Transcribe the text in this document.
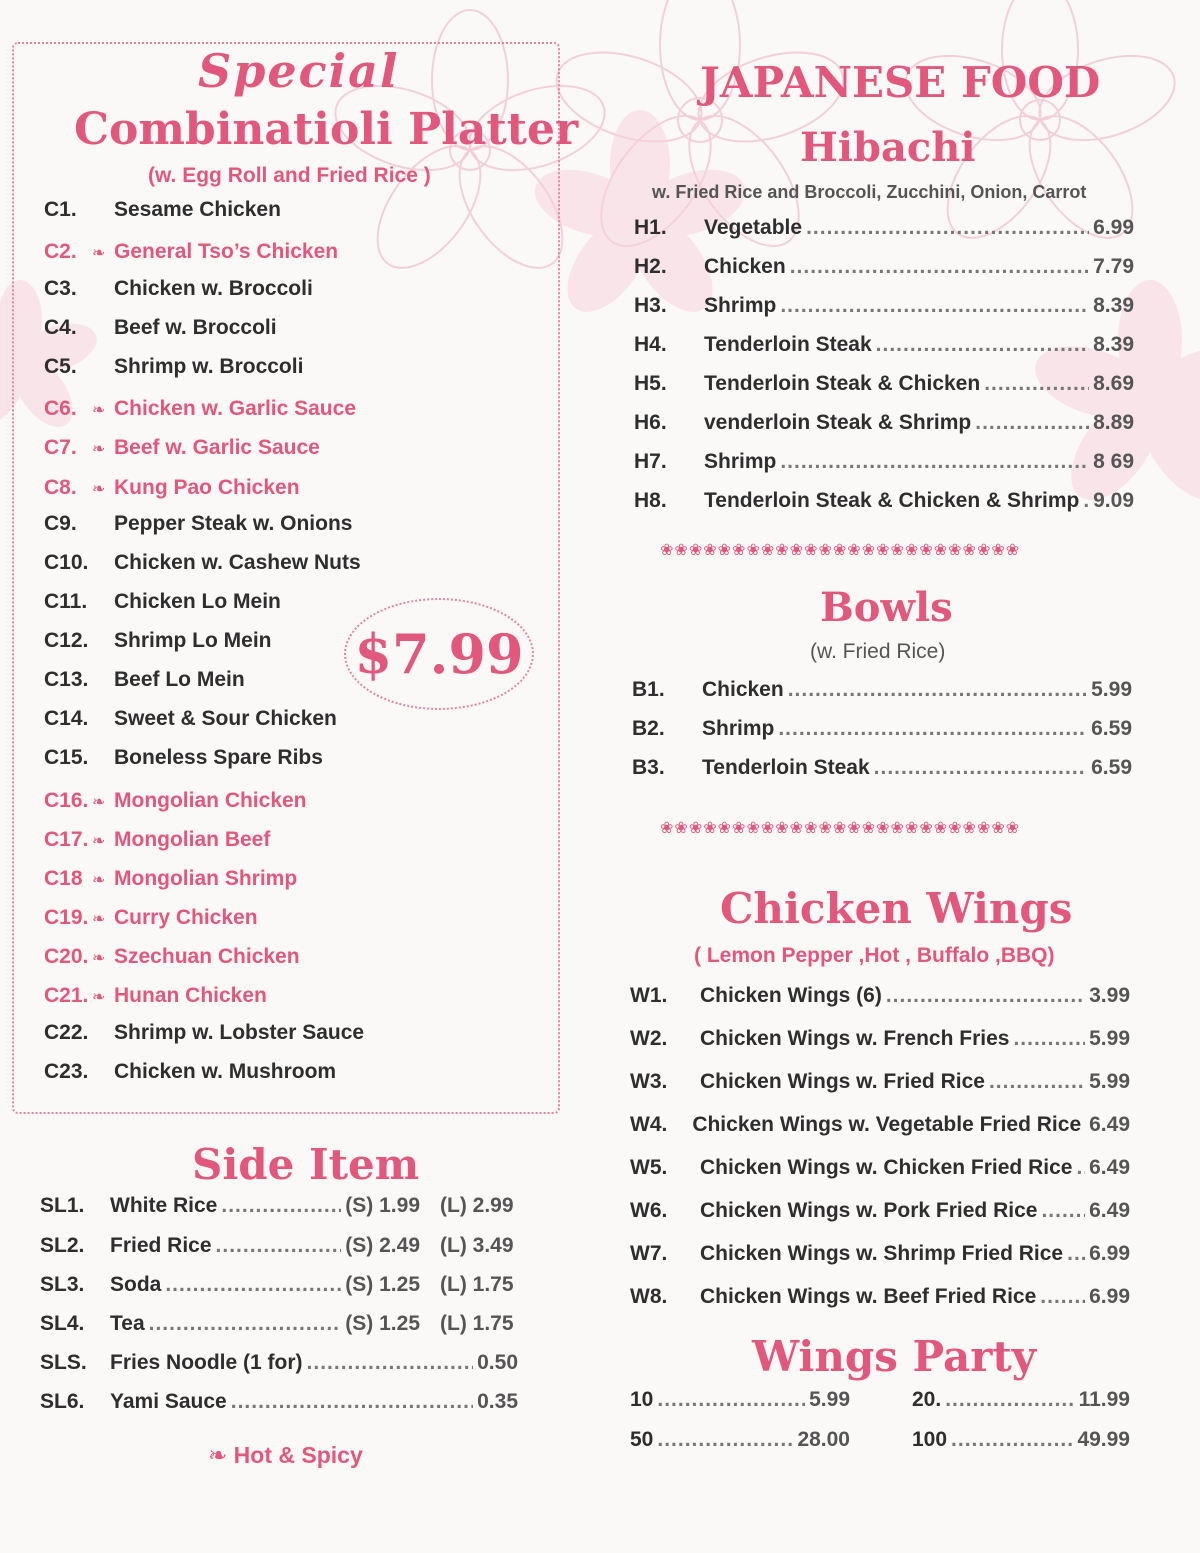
Special
Combinatioli Platter
(w. Egg Roll and Fried Rice )
C1.	Sesame Chicken
C2. ❧ General Tso’s Chicken
C3.	Chicken w. Broccoli
C4.	Beef w. Broccoli
C5.	Shrimp w. Broccoli
C6. ❧ Chicken w. Garlic Sauce
C7. ❧ Beef w. Garlic Sauce
C8. ❧ Kung Pao Chicken
C9.	Pepper Steak w. Onions
C10.	Chicken w. Cashew Nuts
C11.	Chicken Lo Mein
C12.	Shrimp Lo Mein
C13.	Beef Lo Mein
C14.	Sweet & Sour Chicken
C15.	Boneless Spare Ribs
C16. ❧ Mongolian Chicken
C17. ❧ Mongolian Beef
C18 ❧ Mongolian Shrimp
C19. ❧ Curry Chicken
C20. ❧ Szechuan Chicken
C21. ❧ Hunan Chicken
C22.	Shrimp w. Lobster Sauce
C23.	Chicken w. Mushroom
$7.99
Side Item
SL1.	White Rice .....	(S) 1.99 (L) 2.99
SL2.	Fried Rice .....	(S) 2.49 (L) 3.49
SL3.	Soda .....	(S) 1.25 (L) 1.75
SL4.	Tea .....	(S) 1.25 (L) 1.75
SLS.	Fries Noodle (1 for) .....	0.50
SL6.	Yami Sauce .....	0.35
❧ Hot & Spicy
JAPANESE FOOD
Hibachi
w. Fried Rice and Broccoli, Zucchini, Onion, Carrot
H1.	Vegetable .....	6.99
H2.	Chicken .....	7.79
H3.	Shrimp .....	8.39
H4.	Tenderloin Steak .....	8.39
H5.	Tenderloin Steak & Chicken .....	8.69
H6.	venderloin Steak & Shrimp .....	8.89
H7.	Shrimp .....	8 69
H8.	Tenderloin Steak & Chicken & Shrimp ..... 9.09
❀❀❀❀❀❀❀❀❀❀❀❀❀❀❀❀❀❀❀❀❀❀❀❀❀
Bowls
(w. Fried Rice)
B1.	Chicken .....	5.99
B2.	Shrimp .....	6.59
B3.	Tenderloin Steak .....	6.59
❀❀❀❀❀❀❀❀❀❀❀❀❀❀❀❀❀❀❀❀❀❀❀❀❀
Chicken Wings
( Lemon Pepper ,Hot , Buffalo ,BBQ)
W1.	Chicken Wings (6) .....	3.99
W2.	Chicken Wings w. French Fries .....	5.99
W3.	Chicken Wings w. Fried Rice .....	5.99
W4.	Chicken Wings w. Vegetable Fried Rice 6.49
W5.	Chicken Wings w. Chicken Fried Rice ..... 6.49
W6.	Chicken Wings w. Pork Fried Rice ..... 6.49
W7.	Chicken Wings w. Shrimp Fried Rice ..... 6.99
W8.	Chicken Wings w. Beef Fried Rice .....	6.99
Wings Party
10 .....	5.99	20. .....	11.99
50 .....	28.00	100 .....	49.99
